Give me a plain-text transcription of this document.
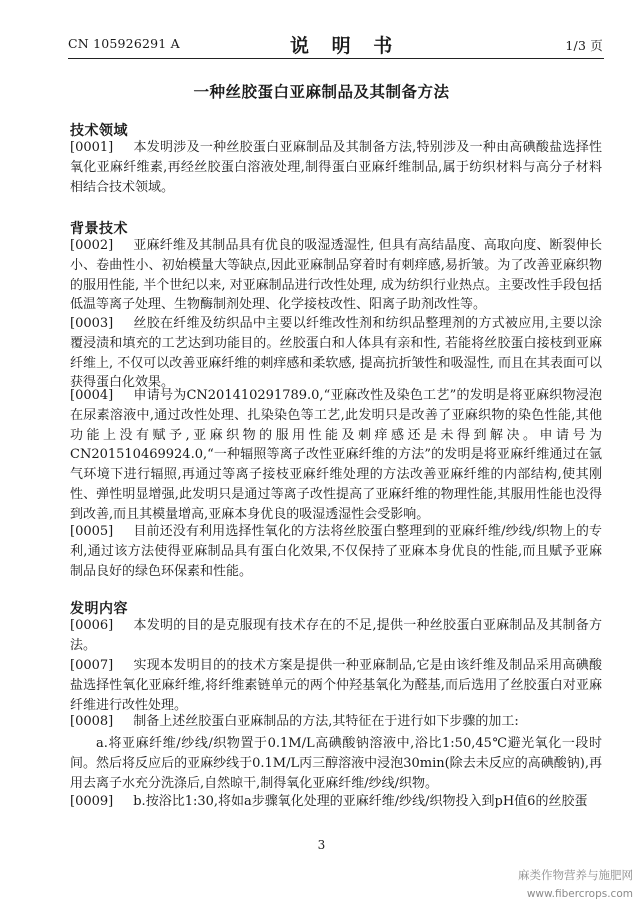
CN 105926291 A	说 明 书	1/3 页
一种丝胶蛋白亚麻制品及其制备方法
技术领域
[0001] 本发明涉及一种丝胶蛋白亚麻制品及其制备方法,特别涉及一种由高碘酸盐选择性氧化亚麻纤维素,再经丝胶蛋白溶液处理,制得蛋白亚麻纤维制品,属于纺织材料与高分子材料相结合技术领域。
背景技术
[0002] 亚麻纤维及其制品具有优良的吸湿透湿性, 但具有高结晶度、高取向度、断裂伸长小、卷曲性小、初始模量大等缺点,因此亚麻制品穿着时有刺痒感,易折皱。为了改善亚麻织物的服用性能, 半个世纪以来, 对亚麻制品进行改性处理, 成为纺织行业热点。主要改性手段包括低温等离子处理、生物酶制剂处理、化学接枝改性、阳离子助剂改性等。
[0003] 丝胶在纤维及纺织品中主要以纤维改性剂和纺织品整理剂的方式被应用,主要以涂覆浸渍和填充的工艺达到功能目的。丝胶蛋白和人体具有亲和性, 若能将丝胶蛋白接枝到亚麻纤维上, 不仅可以改善亚麻纤维的刺痒感和柔软感, 提高抗折皱性和吸湿性, 而且在其表面可以获得蛋白化效果。
[0004] 申请号为CN201410291789.0,“亚麻改性及染色工艺”的发明是将亚麻织物浸泡在尿素溶液中,通过改性处理、扎染染色等工艺,此发明只是改善了亚麻织物的染色性能,其他功能上没有赋予,亚麻织物的服用性能及刺痒感还是未得到解决。申请号为CN201510469924.0,“一种辐照等离子改性亚麻纤维的方法”的发明是将亚麻纤维通过在氩气环境下进行辐照,再通过等离子接枝亚麻纤维处理的方法改善亚麻纤维的内部结构,使其刚性、弹性明显增强,此发明只是通过等离子改性提高了亚麻纤维的物理性能,其服用性能也没得到改善,而且其模量增高,亚麻本身优良的吸湿透湿性会受影响。
[0005] 目前还没有利用选择性氧化的方法将丝胶蛋白整理到的亚麻纤维/纱线/织物上的专利,通过该方法使得亚麻制品具有蛋白化效果,不仅保持了亚麻本身优良的性能,而且赋予亚麻制品良好的绿色环保素和性能。
发明内容
[0006] 本发明的目的是克服现有技术存在的不足,提供一种丝胶蛋白亚麻制品及其制备方法。
[0007] 实现本发明目的的技术方案是提供一种亚麻制品,它是由该纤维及制品采用高碘酸盐选择性氧化亚麻纤维,将纤维素链单元的两个仲羟基氧化为醛基,而后选用了丝胶蛋白对亚麻纤维进行改性处理。
[0008] 制备上述丝胶蛋白亚麻制品的方法,其特征在于进行如下步骤的加工:
a.将亚麻纤维/纱线/织物置于0.1M/L高碘酸钠溶液中,浴比1:50,45℃避光氧化一段时间。然后将反应后的亚麻纱线于0.1M/L丙三醇溶液中浸泡30min(除去未反应的高碘酸钠),再用去离子水充分洗涤后,自然晾干,制得氧化亚麻纤维/纱线/织物。
[0009] b.按浴比1:30,将如a步骤氧化处理的亚麻纤维/纱线/织物投入到pH值6的丝胶蛋
3
麻类作物营养与施肥网
www.fibercrops.com
